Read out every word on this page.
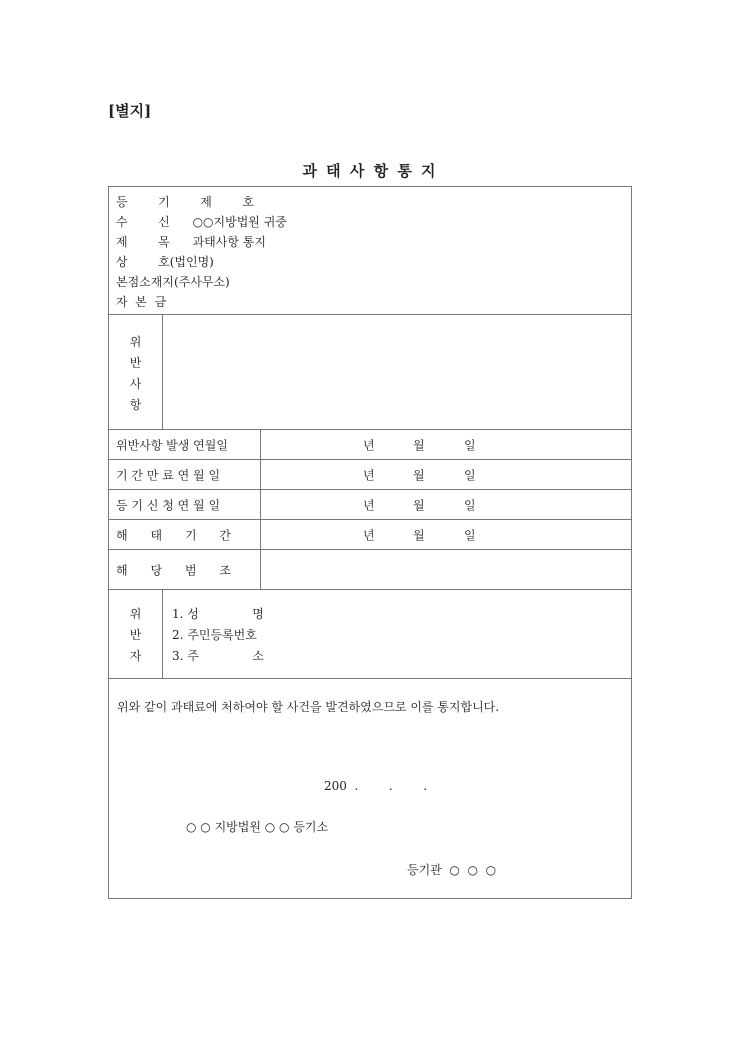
[별지]
과 태 사 항 통 지
등        기        제        호
수        신      ○○지방법원 귀중
제        목      과태사항 통지
상        호(법인명)
본점소재지(주사무소)
자  본  금
위
반
사
항
위반사항 발생 연월일	년	월	일
기 간 만 료 연 월 일	년	월	일
등 기 신 청 연 월 일	년	월	일
해      태      기      간	년	월	일
해      당      범      조
위
반
자
1. 성              명
2. 주민등록번호
3. 주              소
위와 같이 과태료에 처하여야 할 사건을 발견하였으므로 이를 통지합니다.
200  .        .        .
○ ○ 지방법원 ○ ○ 등기소
등기관  ○  ○  ○
